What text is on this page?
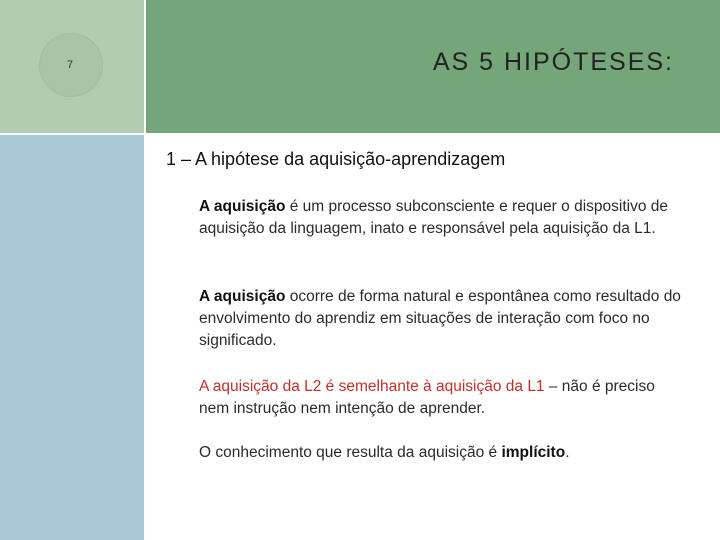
7	AS 5 HIPÓTESES:
1 – A hipótese da aquisição-aprendizagem
A aquisição é um processo subconsciente e requer o dispositivo de aquisição da linguagem, inato e responsável pela aquisição da L1.
A aquisição ocorre de forma natural e espontânea como resultado do envolvimento do aprendiz em situações de interação com foco no significado.
A aquisição da L2 é semelhante à aquisição da L1 – não é preciso nem instrução nem intenção de aprender.
O conhecimento que resulta da aquisição é implícito.
